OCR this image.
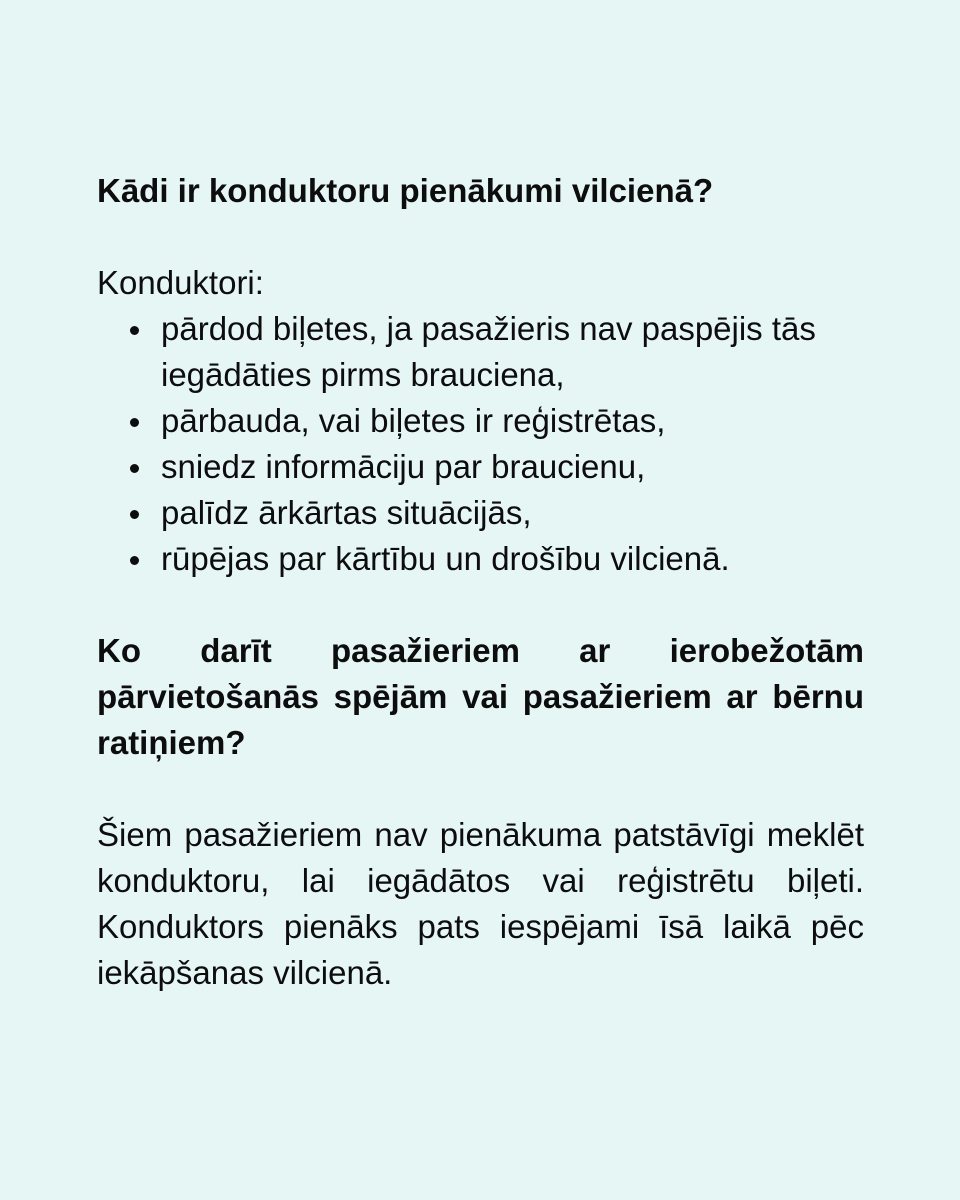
Kādi ir konduktoru pienākumi vilcienā?

Konduktori:

pārdod biļetes, ja pasažieris nav paspējis tās iegādāties pirms brauciena,
pārbauda, vai biļetes ir reģistrētas,
sniedz informāciju par braucienu,
palīdz ārkārtas situācijās,
rūpējas par kārtību un drošību vilcienā.
Ko darīt pasažieriem ar ierobežotām pārvietošanās spējām vai pasažieriem ar bērnu ratiņiem?

Šiem pasažieriem nav pienākuma patstāvīgi meklēt konduktoru, lai iegādātos vai reģistrētu biļeti. Konduktors pienāks pats iespējami īsā laikā pēc iekāpšanas vilcienā.
